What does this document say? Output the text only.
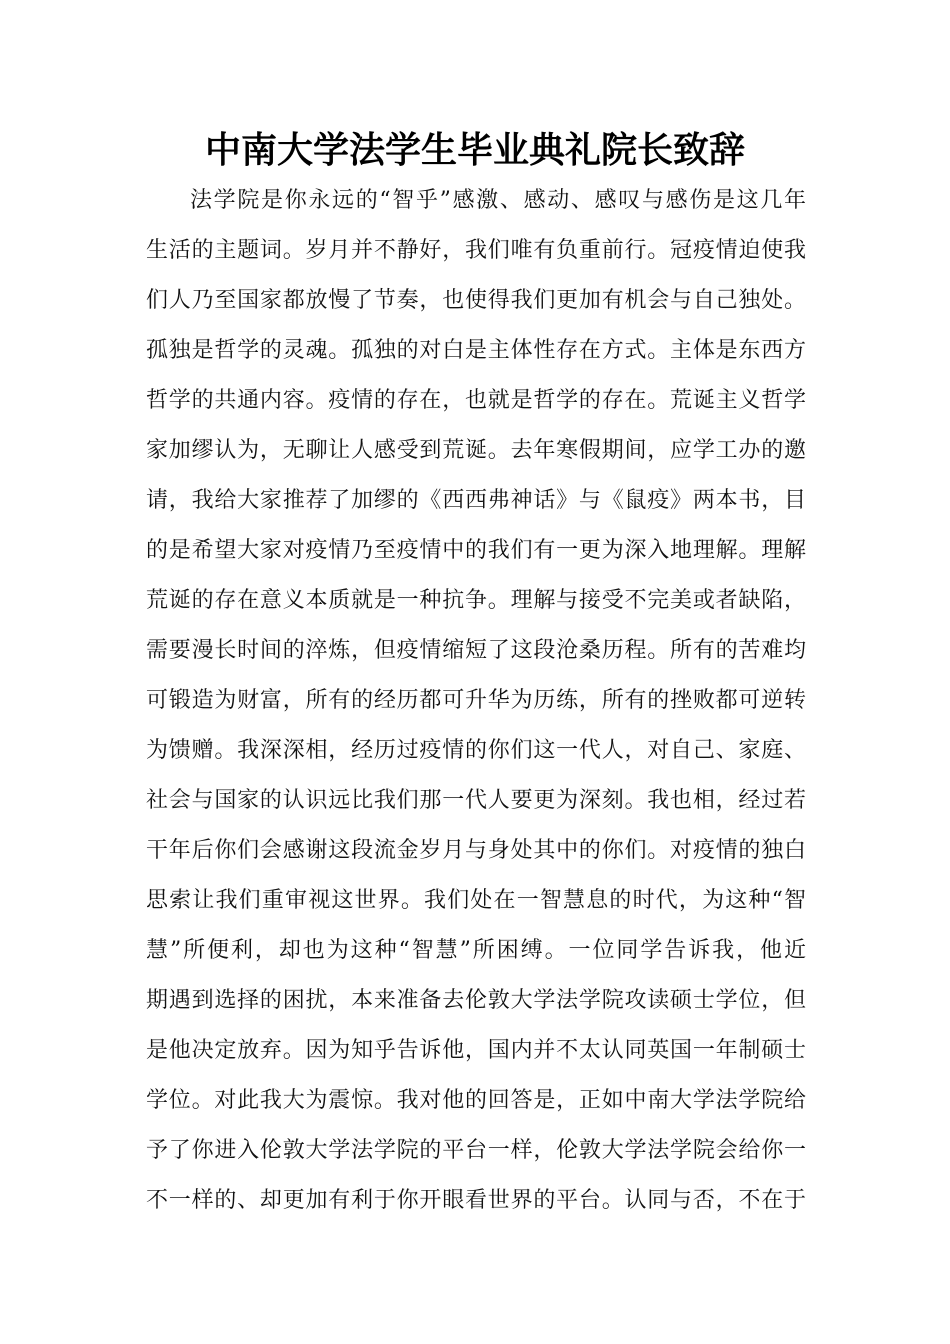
中南大学法学生毕业典礼院长致辞
法学院是你永远的“智乎”感激、感动、感叹与感伤是这几年
生活的主题词。岁月并不静好，我们唯有负重前行。冠疫情迫使我
们人乃至国家都放慢了节奏，也使得我们更加有机会与自己独处。
孤独是哲学的灵魂。孤独的对白是主体性存在方式。主体是东西方
哲学的共通内容。疫情的存在，也就是哲学的存在。荒诞主义哲学
家加缪认为，无聊让人感受到荒诞。去年寒假期间，应学工办的邀
请，我给大家推荐了加缪的《西西弗神话》与《鼠疫》两本书，目
的是希望大家对疫情乃至疫情中的我们有一更为深入地理解。理解
荒诞的存在意义本质就是一种抗争。理解与接受不完美或者缺陷，
需要漫长时间的淬炼，但疫情缩短了这段沧桑历程。所有的苦难均
可锻造为财富，所有的经历都可升华为历练，所有的挫败都可逆转
为馈赠。我深深相，经历过疫情的你们这一代人，对自己、家庭、
社会与国家的认识远比我们那一代人要更为深刻。我也相，经过若
干年后你们会感谢这段流金岁月与身处其中的你们。对疫情的独白
思索让我们重审视这世界。我们处在一智慧息的时代，为这种“智
慧”所便利，却也为这种“智慧”所困缚。一位同学告诉我，他近
期遇到选择的困扰，本来准备去伦敦大学法学院攻读硕士学位，但
是他决定放弃。因为知乎告诉他，国内并不太认同英国一年制硕士
学位。对此我大为震惊。我对他的回答是，正如中南大学法学院给
予了你进入伦敦大学法学院的平台一样，伦敦大学法学院会给你一
不一样的、却更加有利于你开眼看世界的平台。认同与否，不在于
